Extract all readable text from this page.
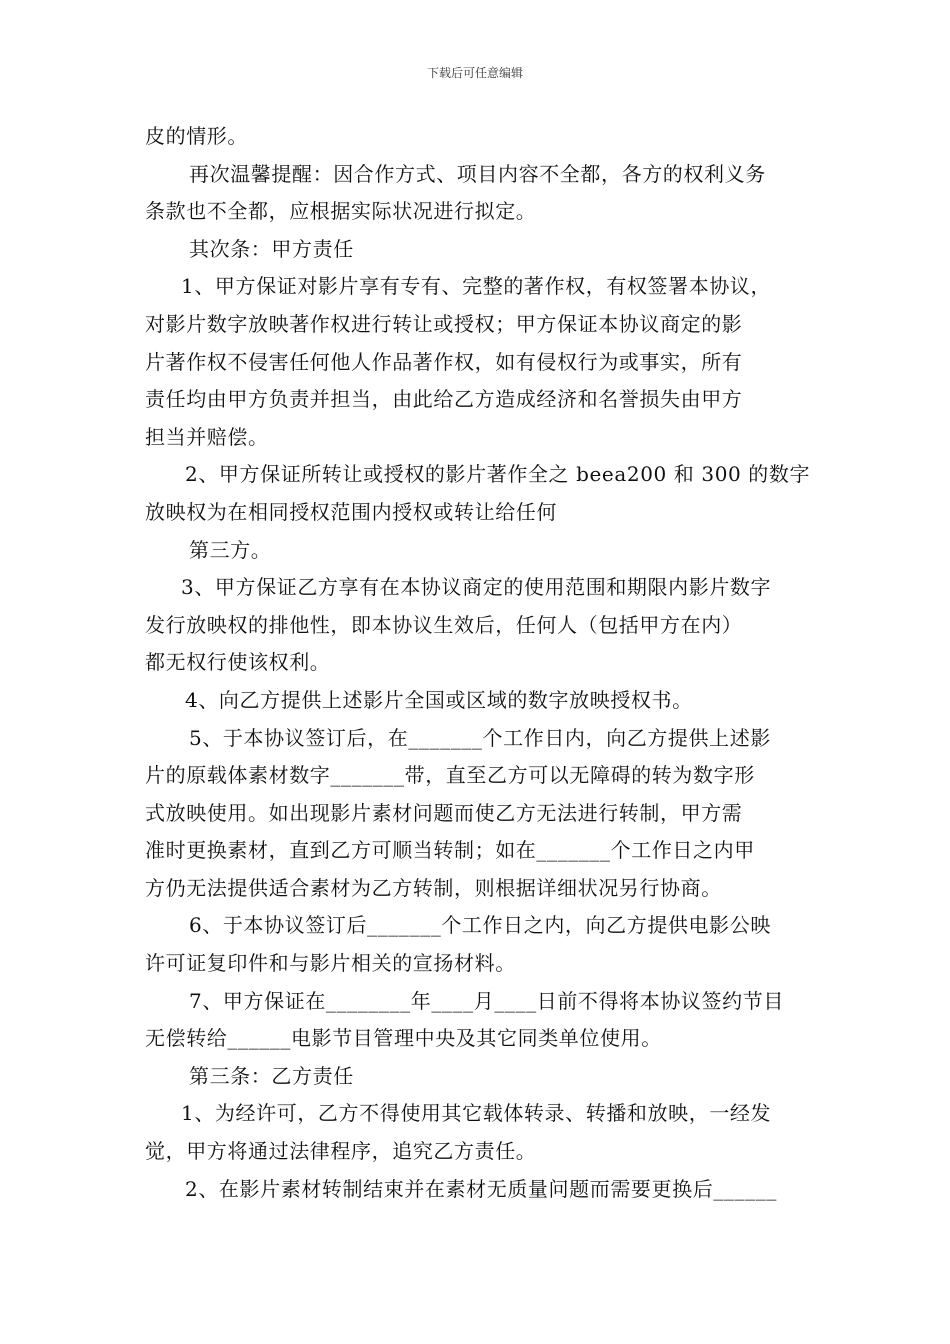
下载后可任意编辑

皮的情形。

再次温馨提醒：因合作方式、项目内容不全都，各方的权利义务
条款也不全都，应根据实际状况进行拟定。

其次条：甲方责任

1、甲方保证对影片享有专有、完整的著作权，有权签署本协议，
对影片数字放映著作权进行转让或授权；甲方保证本协议商定的影
片著作权不侵害任何他人作品著作权，如有侵权行为或事实，所有
责任均由甲方负责并担当，由此给乙方造成经济和名誉损失由甲方
担当并赔偿。

2、甲方保证所转让或授权的影片著作全之 beea200 和 300 的数字
放映权为在相同授权范围内授权或转让给任何

第三方。

3、甲方保证乙方享有在本协议商定的使用范围和期限内影片数字
发行放映权的排他性，即本协议生效后，任何人（包括甲方在内）
都无权行使该权利。

4、向乙方提供上述影片全国或区域的数字放映授权书。

5、于本协议签订后，在_______个工作日内，向乙方提供上述影
片的原载体素材数字_______带，直至乙方可以无障碍的转为数字形
式放映使用。如出现影片素材问题而使乙方无法进行转制，甲方需
准时更换素材，直到乙方可顺当转制；如在_______个工作日之内甲
方仍无法提供适合素材为乙方转制，则根据详细状况另行协商。

6、于本协议签订后_______个工作日之内，向乙方提供电影公映
许可证复印件和与影片相关的宣扬材料。

7、甲方保证在________年____月____日前不得将本协议签约节目
无偿转给______电影节目管理中央及其它同类单位使用。

第三条：乙方责任

1、为经许可，乙方不得使用其它载体转录、转播和放映，一经发
觉，甲方将通过法律程序，追究乙方责任。

2、在影片素材转制结束并在素材无质量问题而需要更换后______
